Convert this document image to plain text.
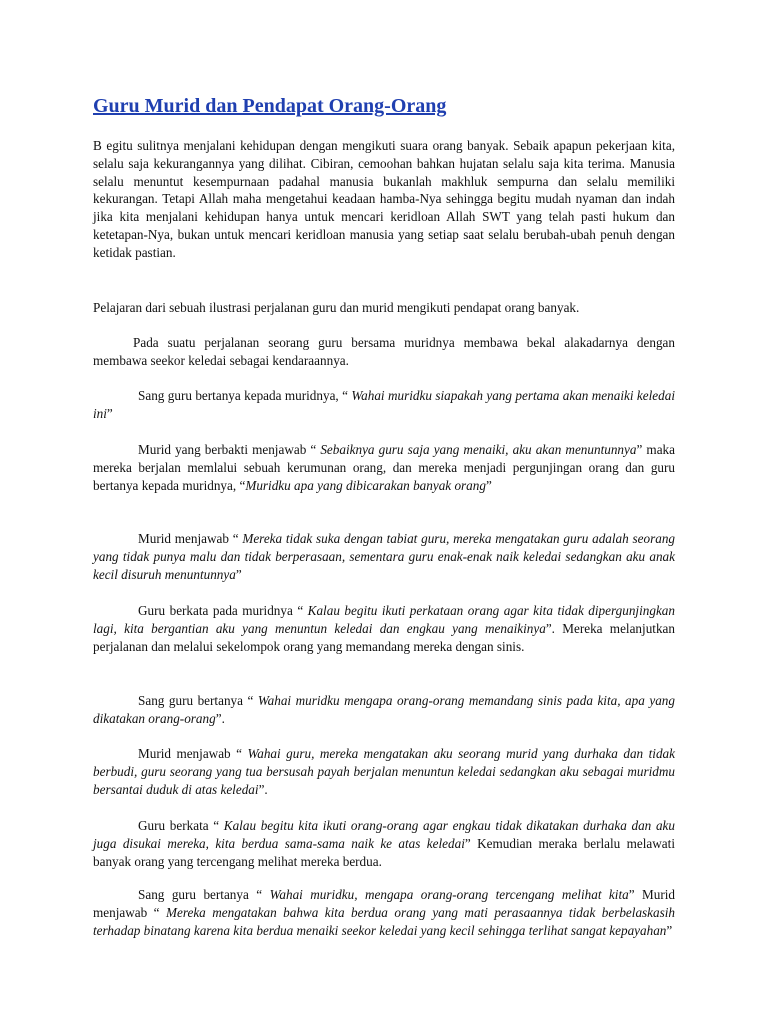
Guru Murid dan Pendapat Orang-Orang

B egitu sulitnya menjalani kehidupan dengan mengikuti suara orang banyak. Sebaik apapun pekerjaan kita, selalu saja kekurangannya yang dilihat. Cibiran, cemoohan bahkan hujatan selalu saja kita terima. Manusia selalu menuntut kesempurnaan padahal manusia bukanlah makhluk sempurna dan selalu memiliki kekurangan. Tetapi Allah maha mengetahui keadaan hamba-Nya sehingga begitu mudah nyaman dan indah jika kita menjalani kehidupan hanya untuk mencari keridloan Allah SWT yang telah pasti hukum dan ketetapan-Nya, bukan untuk mencari keridloan manusia yang setiap saat selalu berubah-ubah penuh dengan ketidak pastian.

Pelajaran dari sebuah ilustrasi perjalanan guru dan murid mengikuti pendapat orang banyak.

Pada suatu perjalanan seorang guru bersama muridnya membawa bekal alakadarnya dengan membawa seekor keledai sebagai kendaraannya.

Sang guru bertanya kepada muridnya, “ Wahai muridku siapakah yang pertama akan menaiki keledai ini”

Murid yang berbakti menjawab “ Sebaiknya guru saja yang menaiki, aku akan menuntunnya” maka mereka berjalan memlalui sebuah kerumunan orang, dan mereka menjadi pergunjingan orang dan guru bertanya kepada muridnya, “Muridku apa yang dibicarakan banyak orang”

Murid menjawab “ Mereka tidak suka dengan tabiat guru, mereka mengatakan guru adalah seorang yang tidak punya malu dan tidak berperasaan, sementara guru enak-enak naik keledai sedangkan aku anak kecil disuruh menuntunnya”

Guru berkata pada muridnya “ Kalau begitu ikuti perkataan orang agar kita tidak dipergunjingkan lagi, kita bergantian aku yang menuntun keledai dan engkau yang menaikinya”. Mereka melanjutkan perjalanan dan melalui sekelompok orang yang memandang mereka dengan sinis.

Sang guru bertanya “ Wahai muridku mengapa orang-orang memandang sinis pada kita, apa yang dikatakan orang-orang”.

Murid menjawab “ Wahai guru, mereka mengatakan aku seorang murid yang durhaka dan tidak berbudi, guru seorang yang tua bersusah payah berjalan menuntun keledai sedangkan aku sebagai muridmu bersantai duduk di atas keledai”.

Guru berkata “ Kalau begitu kita ikuti orang-orang agar engkau tidak dikatakan durhaka dan aku juga disukai mereka, kita berdua sama-sama naik ke atas keledai” Kemudian meraka berlalu melawati banyak orang yang tercengang melihat mereka berdua.

Sang guru bertanya “ Wahai muridku, mengapa orang-orang tercengang melihat kita” Murid menjawab “ Mereka mengatakan bahwa kita berdua orang yang mati perasaannya tidak berbelaskasih terhadap binatang karena kita berdua menaiki seekor keledai yang kecil sehingga terlihat sangat kepayahan”
